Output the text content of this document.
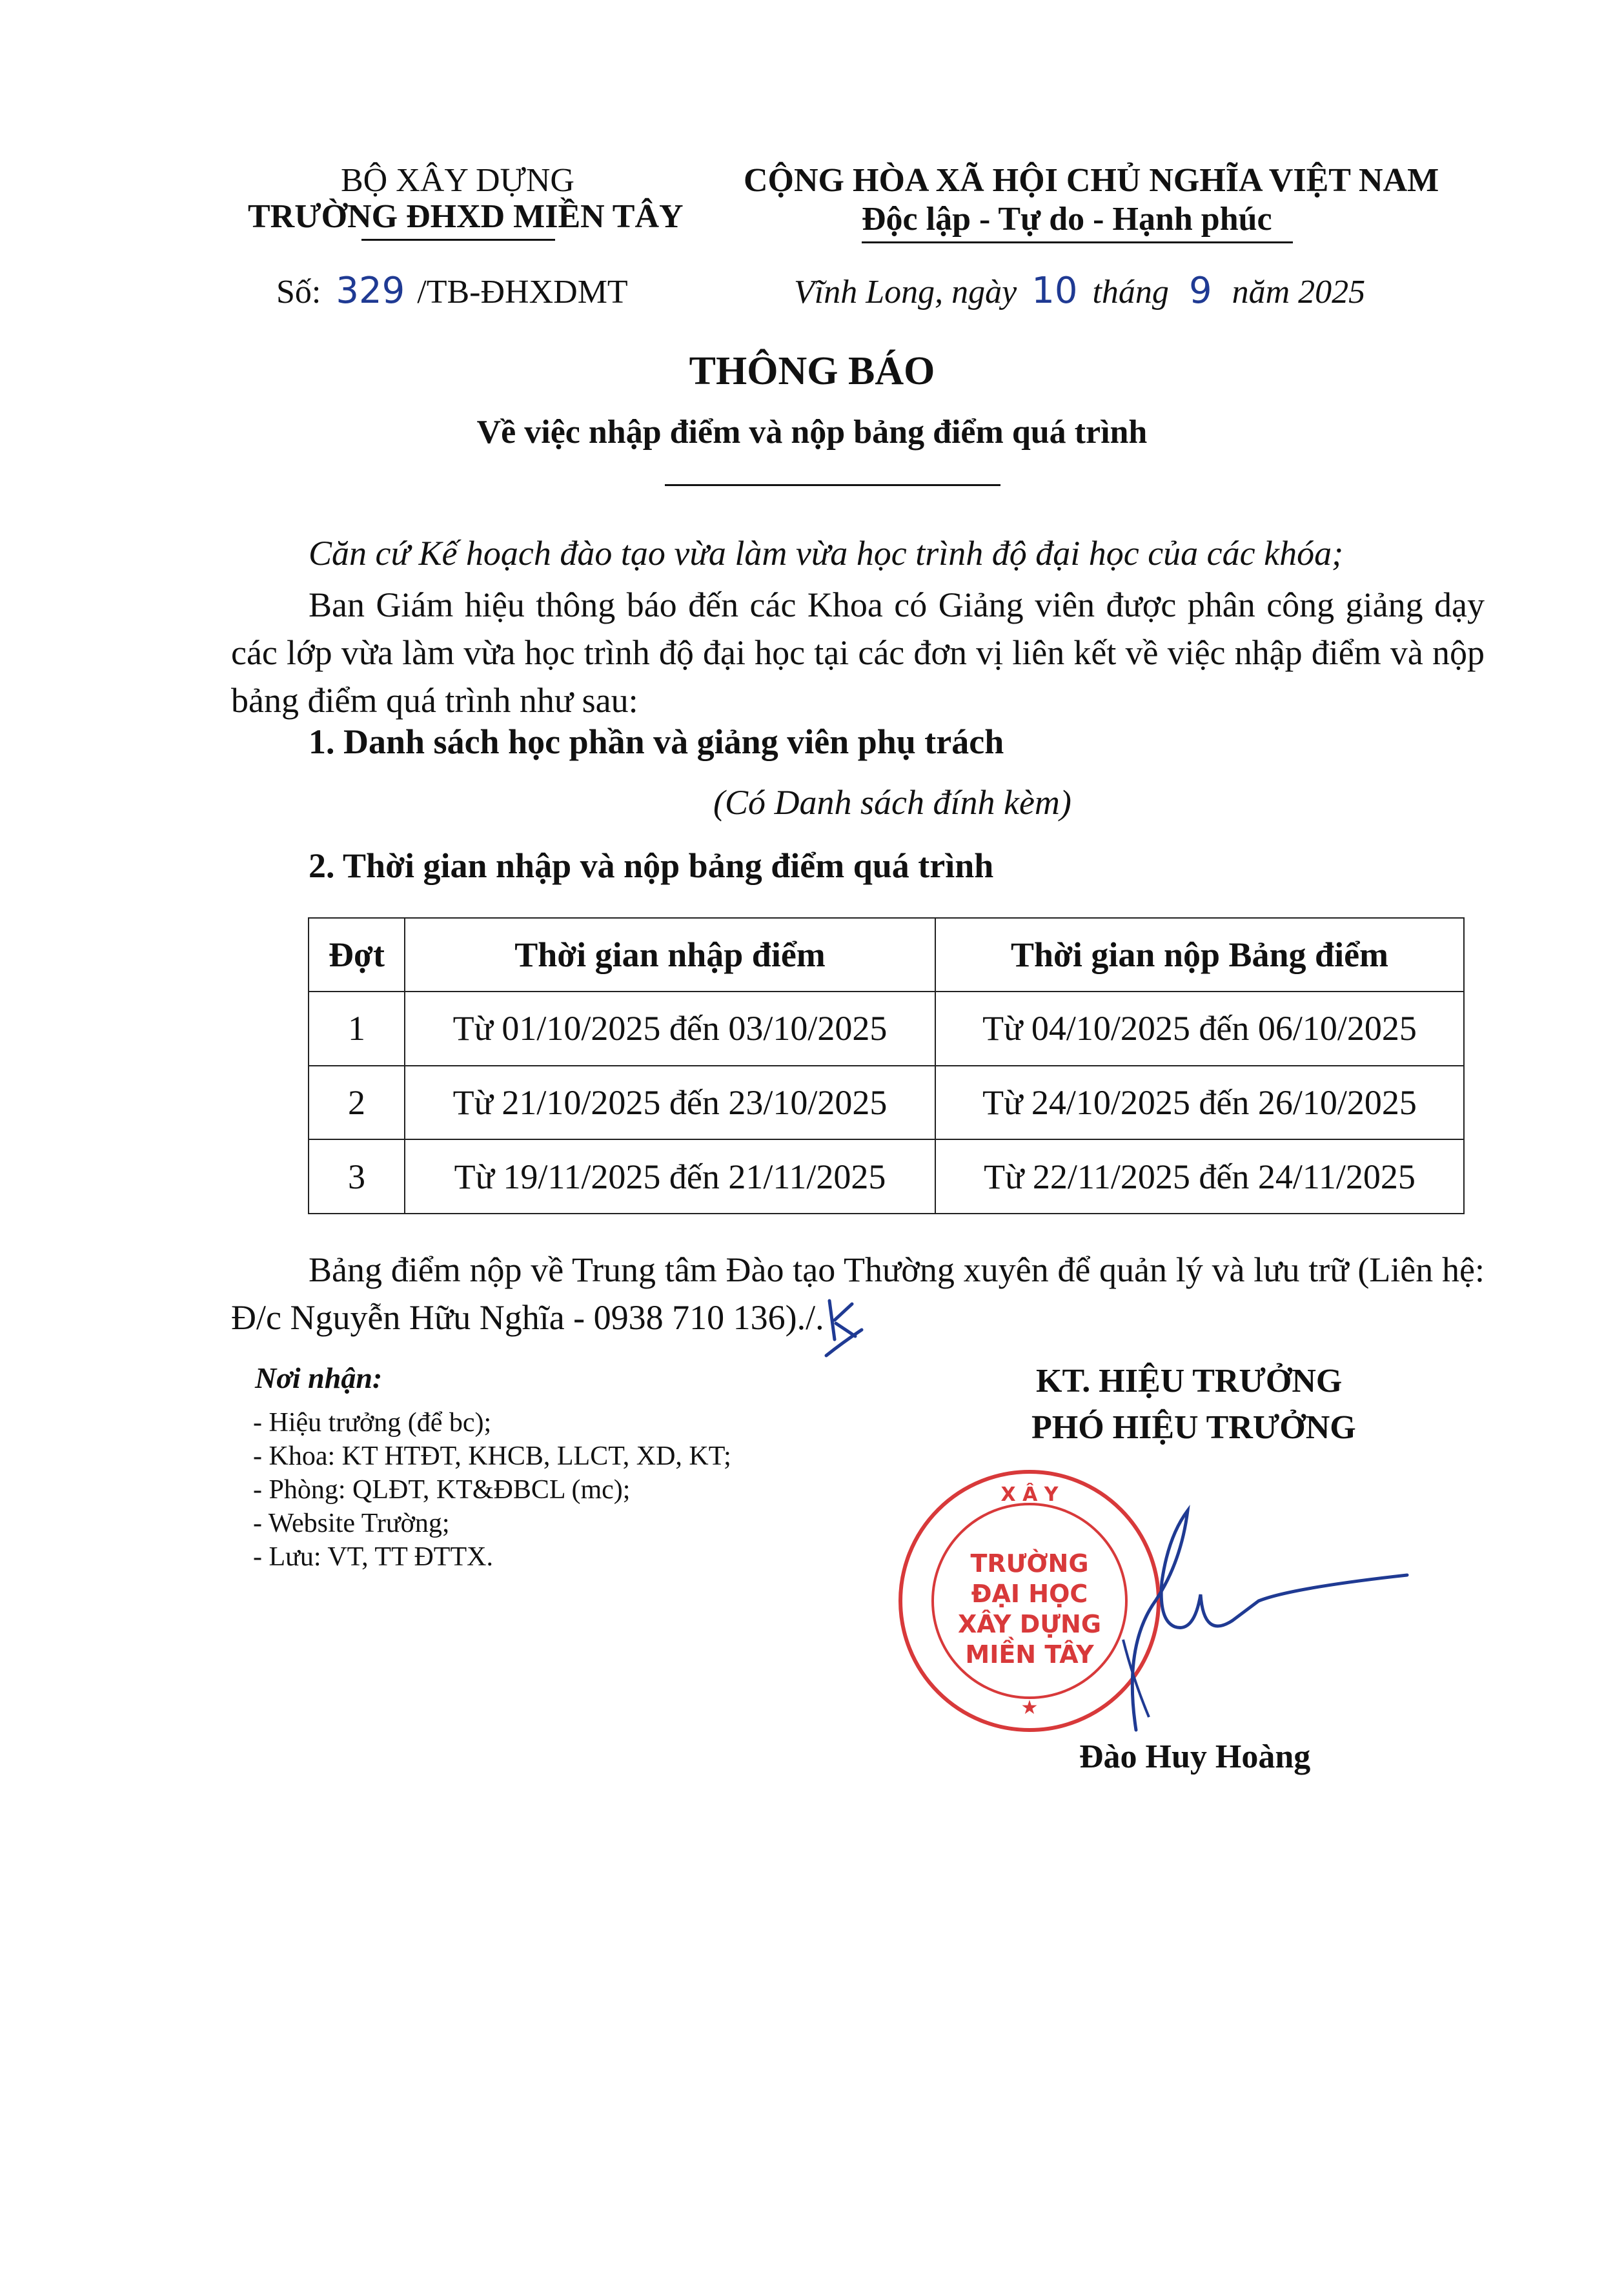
BỘ XÂY DỰNG
TRƯỜNG ĐHXD MIỀN TÂY
Số: 329 /TB-ĐHXDMT
CỘNG HÒA XÃ HỘI CHỦ NGHĨA VIỆT NAM
Độc lập - Tự do - Hạnh phúc
Vĩnh Long, ngày 10 tháng 9 năm 2025
THÔNG BÁO
Về việc nhập điểm và nộp bảng điểm quá trình
Căn cứ Kế hoạch đào tạo vừa làm vừa học trình độ đại học của các khóa;
Ban Giám hiệu thông báo đến các Khoa có Giảng viên được phân công giảng dạy các lớp vừa làm vừa học trình độ đại học tại các đơn vị liên kết về việc nhập điểm và nộp bảng điểm quá trình như sau:
1. Danh sách học phần và giảng viên phụ trách
(Có Danh sách đính kèm)
2. Thời gian nhập và nộp bảng điểm quá trình
Đợt	Thời gian nhập điểm	Thời gian nộp Bảng điểm
1	Từ 01/10/2025 đến 03/10/2025	Từ 04/10/2025 đến 06/10/2025
2	Từ 21/10/2025 đến 23/10/2025	Từ 24/10/2025 đến 26/10/2025
3	Từ 19/11/2025 đến 21/11/2025	Từ 22/11/2025 đến 24/11/2025
Bảng điểm nộp về Trung tâm Đào tạo Thường xuyên để quản lý và lưu trữ (Liên hệ: Đ/c Nguyễn Hữu Nghĩa - 0938 710 136)./.
Nơi nhận:
- Hiệu trưởng (để bc);
- Khoa: KT HTĐT, KHCB, LLCT, XD, KT;
- Phòng: QLĐT, KT&ĐBCL (mc);
- Website Trường;
- Lưu: VT, TT ĐTTX.
KT. HIỆU TRƯỞNG
PHÓ HIỆU TRƯỞNG
TRƯỜNG
ĐẠI HỌC
XÂY DỰNG
MIỀN TÂY
X Â Y
★
Đào Huy Hoàng
